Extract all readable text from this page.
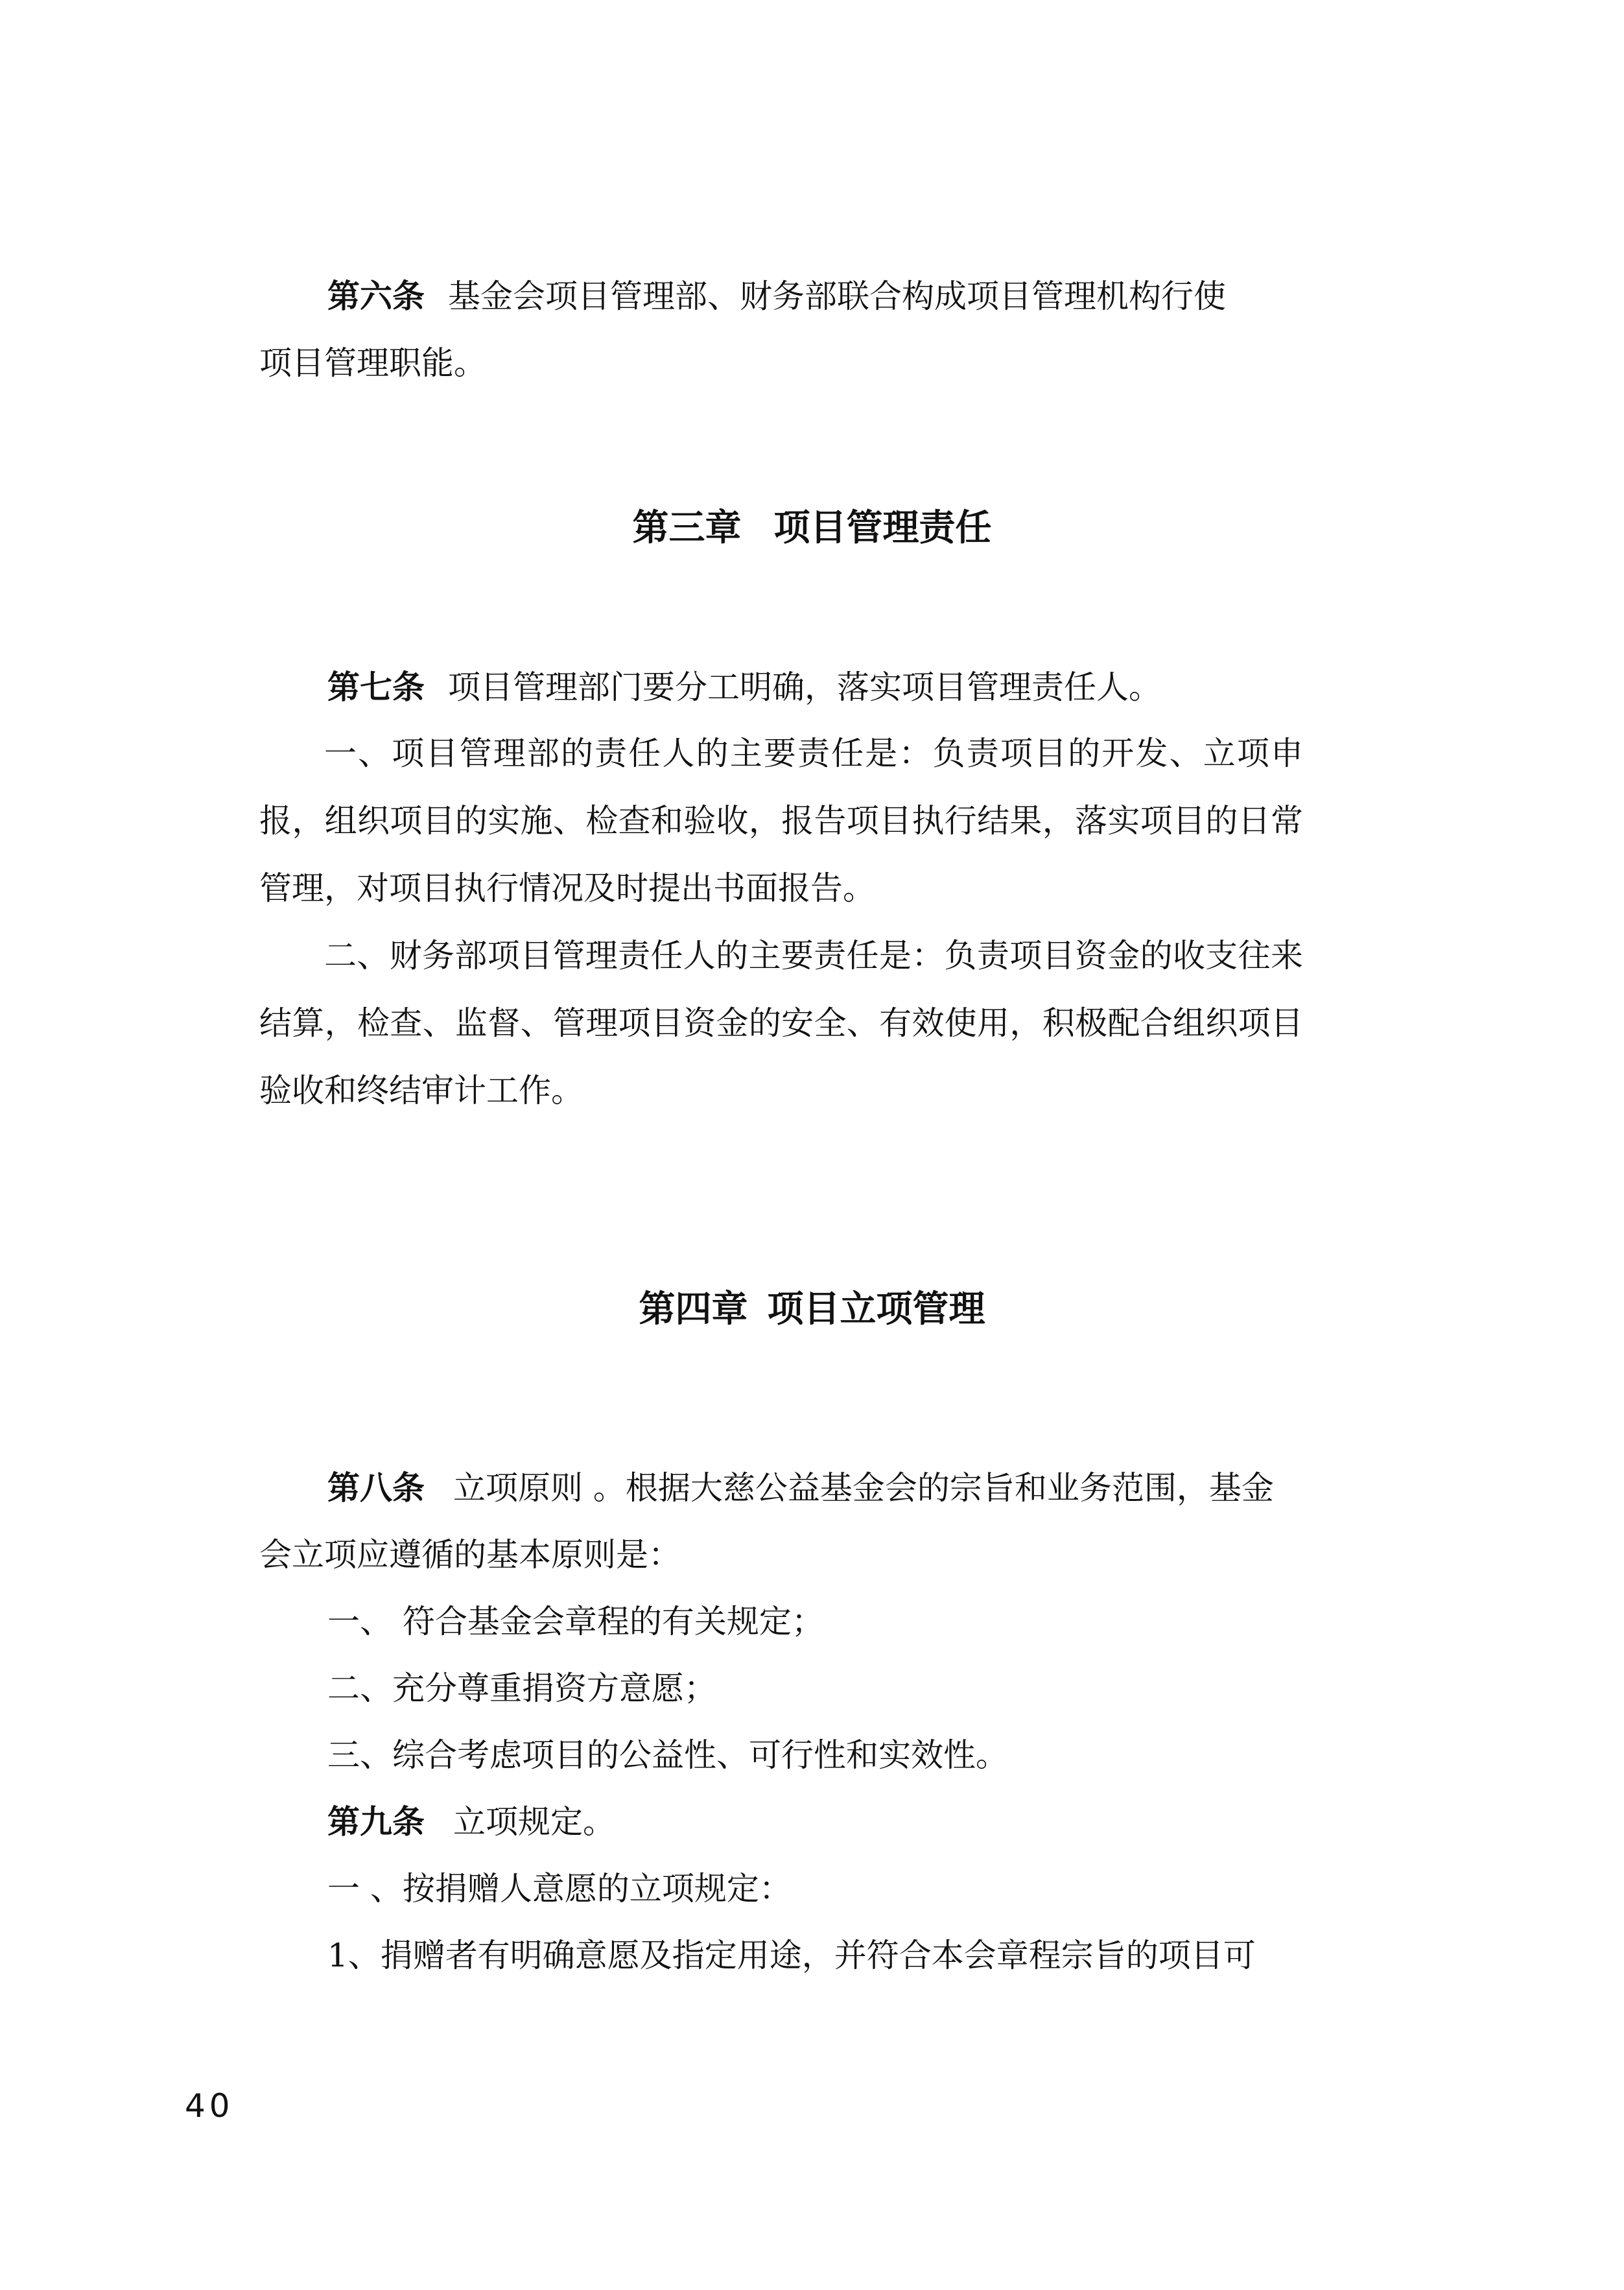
第六条 基金会项目管理部、财务部联合构成项目管理机构行使
项目管理职能。
第三章 项目管理责任
第七条 项目管理部门要分工明确，落实项目管理责任人。

一、项目管理部的责任人的主要责任是：负责项目的开发、立项申报，组织项目的实施、检查和验收，报告项目执行结果，落实项目的日常管理，对项目执行情况及时提出书面报告。

二、财务部项目管理责任人的主要责任是：负责项目资金的收支往来结算，检查、监督、管理项目资金的安全、有效使用，积极配合组织项目验收和终结审计工作。

第四章 项目立项管理
第八条 立项原则 。根据大慈公益基金会的宗旨和业务范围，基金
会立项应遵循的基本原则是：
一、 符合基金会章程的有关规定；
二、充分尊重捐资方意愿；
三、综合考虑项目的公益性、可行性和实效性。
第九条 立项规定。
一 、按捐赠人意愿的立项规定：
1、捐赠者有明确意愿及指定用途，并符合本会章程宗旨的项目可
40
